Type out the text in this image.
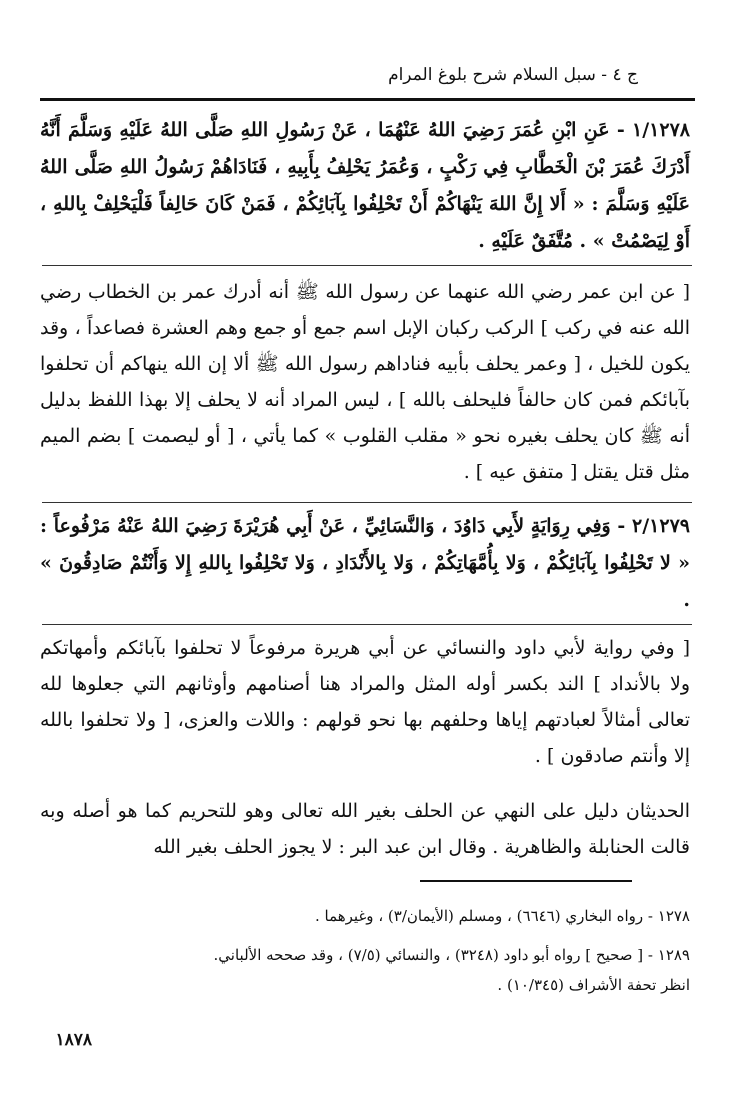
ج ٤ - سبل السلام شرح بلوغ المرام

١/١٢٧٨ - عَنِ ابْنِ عُمَرَ رَضِيَ اللهُ عَنْهُمَا ، عَنْ رَسُولِ اللهِ صَلَّى اللهُ عَلَيْهِ وَسَلَّمَ أَنَّهُ أَدْرَكَ عُمَرَ بْنَ الْخَطَّابِ فِي رَكْبٍ ، وَعُمَرُ يَحْلِفُ بِأَبِيهِ ، فَنَادَاهُمْ رَسُولُ اللهِ صَلَّى اللهُ عَلَيْهِ وَسَلَّمَ : « أَلا إِنَّ اللهَ يَنْهَاكُمْ أَنْ تَحْلِفُوا بِآبَائِكُمْ ، فَمَنْ كَانَ حَالِفاً فَلْيَحْلِفْ بِاللهِ ، أَوْ لِيَصْمُتْ » . مُتَّفَقٌ عَلَيْهِ .

[ عن ابن عمر رضي الله عنهما عن رسول الله ﷺ أنه أدرك عمر بن الخطاب رضي الله عنه في ركب ] الركب ركبان الإبل اسم جمع أو جمع وهم العشرة فصاعداً ، وقد يكون للخيل ، [ وعمر يحلف بأبيه فناداهم رسول الله ﷺ ألا إن الله ينهاكم أن تحلفوا بآبائكم فمن كان حالفاً فليحلف بالله ] ، ليس المراد أنه لا يحلف إلا بهذا اللفظ بدليل أنه ﷺ كان يحلف بغيره نحو « مقلب القلوب » كما يأتي ، [ أو ليصمت ] بضم الميم مثل قتل يقتل [ متفق عيه ] .

٢/١٢٧٩ - وَفِي رِوَايَةٍ لأَبِي دَاوُدَ ، وَالنَّسَائِيِّ ، عَنْ أَبِي هُرَيْرَةَ رَضِيَ اللهُ عَنْهُ مَرْفُوعاً : « لا تَحْلِفُوا بِآبَائِكُمْ ، وَلا بِأُمَّهَاتِكُمْ ، وَلا بِالأَنْدَادِ ، وَلا تَحْلِفُوا بِاللهِ إِلا وَأَنْتُمْ صَادِقُونَ » .

[ وفي رواية لأبي داود والنسائي عن أبي هريرة مرفوعاً لا تحلفوا بآبائكم وأمهاتكم ولا بالأنداد ] الند بكسر أوله المثل والمراد هنا أصنامهم وأوثانهم التي جعلوها لله تعالى أمثالاً لعبادتهم إياها وحلفهم بها نحو قولهم : واللات والعزى، [ ولا تحلفوا بالله إلا وأنتم صادقون ] .

الحديثان دليل على النهي عن الحلف بغير الله تعالى وهو للتحريم كما هو أصله وبه قالت الحنابلة والظاهرية . وقال ابن عبد البر : لا يجوز الحلف بغير الله

١٢٧٨ - رواه البخاري (٦٦٤٦) ، ومسلم (الأيمان/٣) ، وغيرهما .
١٢٨٩ - [ صحيح ] رواه أبو داود (٣٢٤٨) ، والنسائي (٧/٥) ، وقد صححه الألباني.
انظر تحفة الأشراف (١٠/٣٤٥) .
١٨٧٨
